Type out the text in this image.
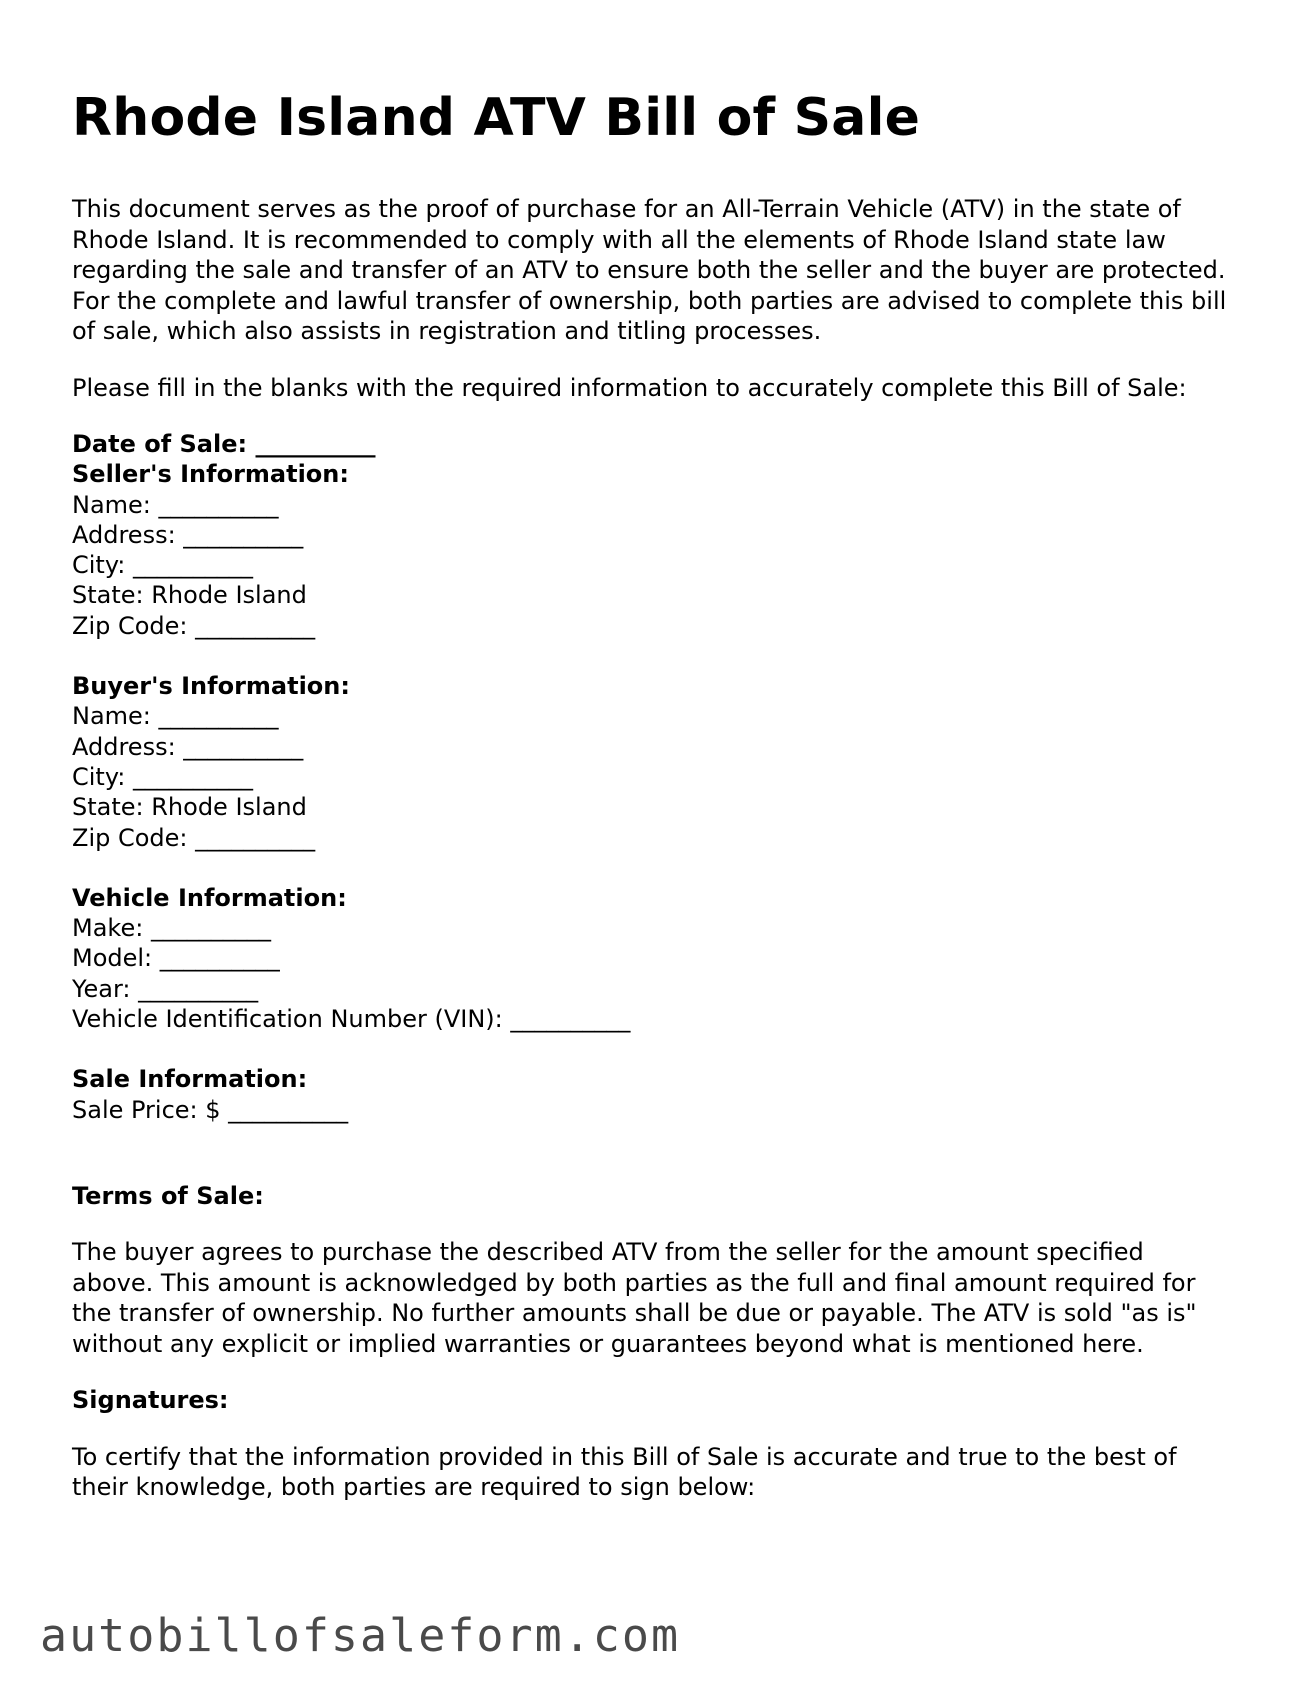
Rhode Island ATV Bill of Sale

This document serves as the proof of purchase for an All-Terrain Vehicle (ATV) in the state of Rhode Island. It is recommended to comply with all the elements of Rhode Island state law regarding the sale and transfer of an ATV to ensure both the seller and the buyer are protected. For the complete and lawful transfer of ownership, both parties are advised to complete this bill of sale, which also assists in registration and titling processes.

Please fill in the blanks with the required information to accurately complete this Bill of Sale:

Date of Sale: __________
Seller's Information:
Name: __________
Address: __________
City: __________
State: Rhode Island
Zip Code: __________
Buyer's Information:
Name: __________
Address: __________
City: __________
State: Rhode Island
Zip Code: __________
Vehicle Information:
Make: __________
Model: __________
Year: __________
Vehicle Identification Number (VIN): __________
Sale Information:
Sale Price: $ __________
Terms of Sale:

The buyer agrees to purchase the described ATV from the seller for the amount specified above. This amount is acknowledged by both parties as the full and final amount required for the transfer of ownership. No further amounts shall be due or payable. The ATV is sold "as is" without any explicit or implied warranties or guarantees beyond what is mentioned here.

Signatures:

To certify that the information provided in this Bill of Sale is accurate and true to the best of their knowledge, both parties are required to sign below:

autobillofsaleform.com
